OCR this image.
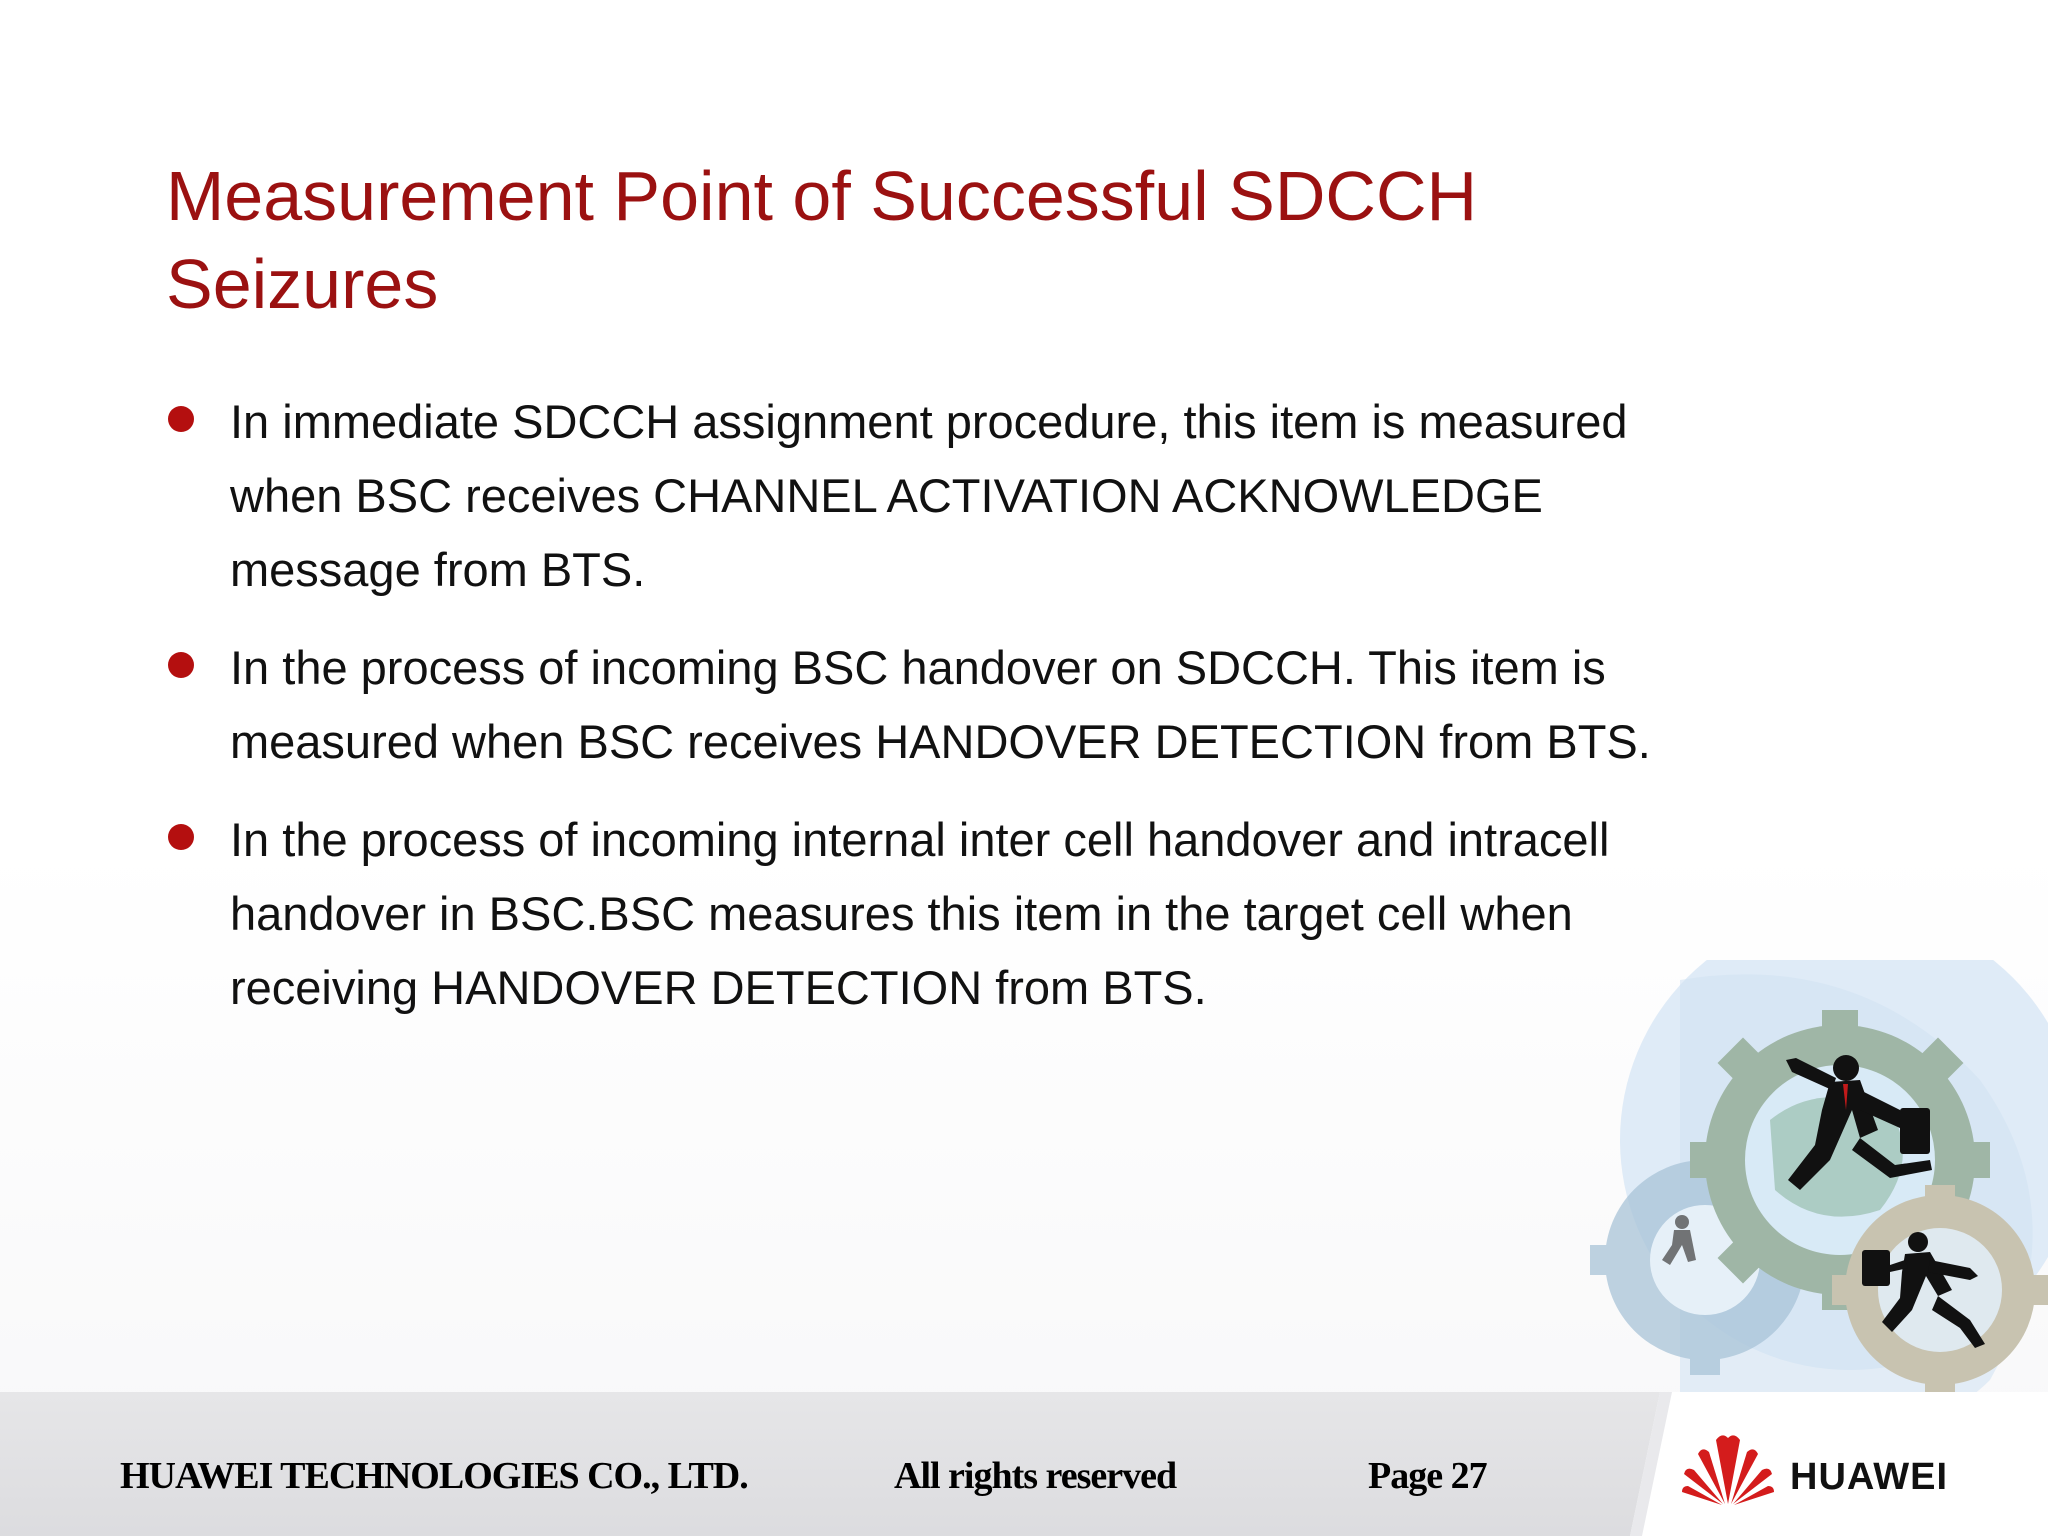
Measurement Point of Successful SDCCH Seizures
In immediate SDCCH assignment procedure, this item is measured when BSC receives CHANNEL ACTIVATION ACKNOWLEDGE message from BTS.
In the process of incoming BSC handover on SDCCH. This item is measured when BSC receives HANDOVER DETECTION from BTS.
In the process of incoming internal inter cell handover and intracell handover in BSC.BSC measures this item in the target cell when receiving HANDOVER DETECTION from BTS.
HUAWEI TECHNOLOGIES CO., LTD.	All rights reserved	Page 27	HUAWEI
